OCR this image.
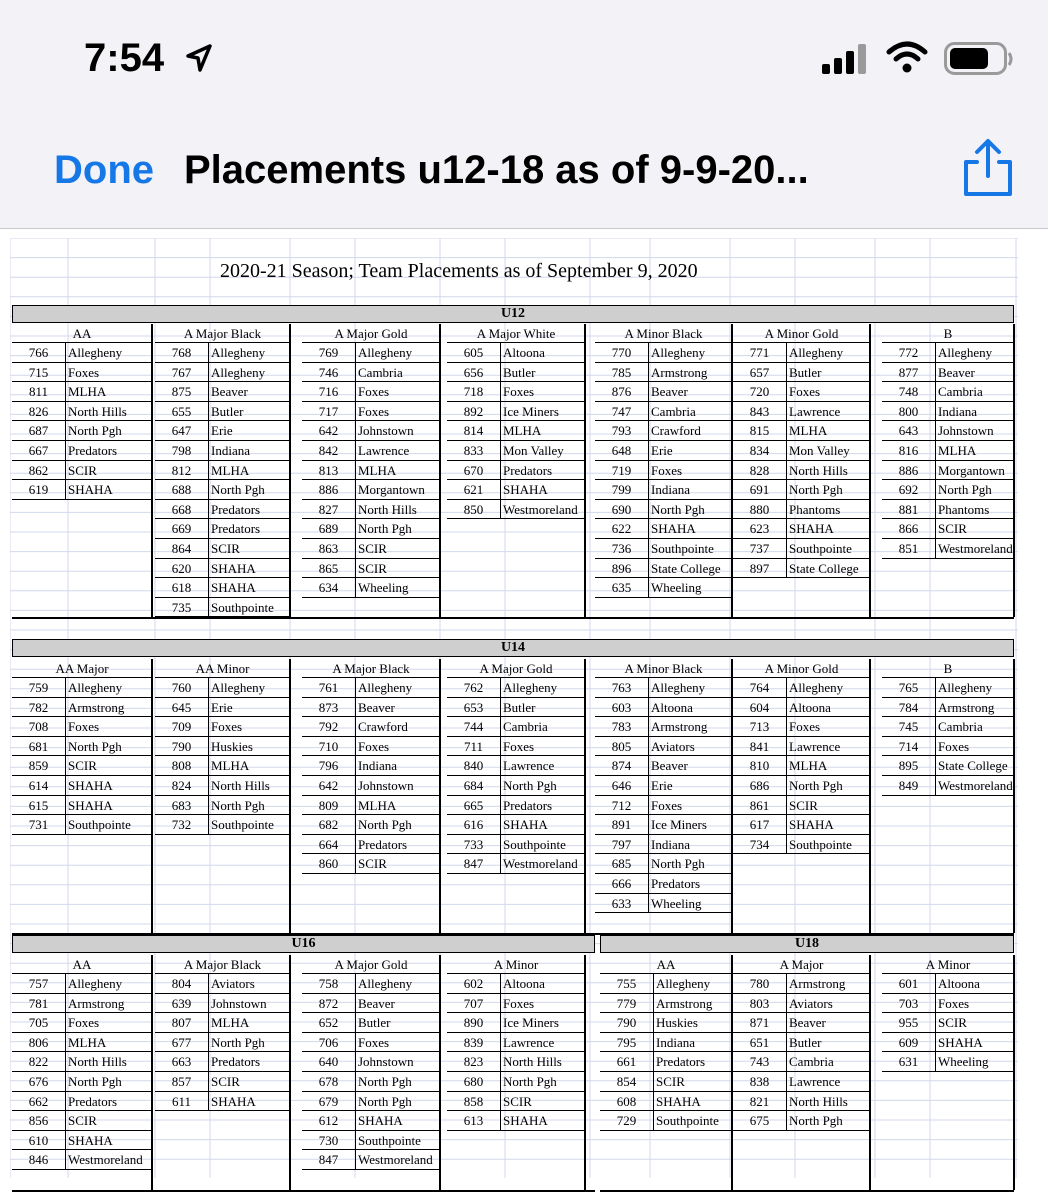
7:54
Done Placements u12-18 as of 9-9-20...
2020-21 Season; Team Placements as of September 9, 2020
U12
AA
766	Allegheny
715	Foxes
811	MLHA
826	North Hills
687	North Pgh
667	Predators
862	SCIR
619	SHAHA
A Major Black
768	Allegheny
767	Allegheny
875	Beaver
655	Butler
647	Erie
798	Indiana
812	MLHA
688	North Pgh
668	Predators
669	Predators
864	SCIR
620	SHAHA
618	SHAHA
735	Southpointe
A Major Gold
769	Allegheny
746	Cambria
716	Foxes
717	Foxes
642	Johnstown
842	Lawrence
813	MLHA
886	Morgantown
827	North Hills
689	North Pgh
863	SCIR
865	SCIR
634	Wheeling
A Major White
605	Altoona
656	Butler
718	Foxes
892	Ice Miners
814	MLHA
833	Mon Valley
670	Predators
621	SHAHA
850	Westmoreland
A Minor Black
770	Allegheny
785	Armstrong
876	Beaver
747	Cambria
793	Crawford
648	Erie
719	Foxes
799	Indiana
690	North Pgh
622	SHAHA
736	Southpointe
896	State College
635	Wheeling
A Minor Gold
771	Allegheny
657	Butler
720	Foxes
843	Lawrence
815	MLHA
834	Mon Valley
828	North Hills
691	North Pgh
880	Phantoms
623	SHAHA
737	Southpointe
897	State College
B
772	Allegheny
877	Beaver
748	Cambria
800	Indiana
643	Johnstown
816	MLHA
886	Morgantown
692	North Pgh
881	Phantoms
866	SCIR
851	Westmoreland
U14
AA Major
759	Allegheny
782	Armstrong
708	Foxes
681	North Pgh
859	SCIR
614	SHAHA
615	SHAHA
731	Southpointe
AA Minor
760	Allegheny
645	Erie
709	Foxes
790	Huskies
808	MLHA
824	North Hills
683	North Pgh
732	Southpointe
A Major Black
761	Allegheny
873	Beaver
792	Crawford
710	Foxes
796	Indiana
642	Johnstown
809	MLHA
682	North Pgh
664	Predators
860	SCIR
A Major Gold
762	Allegheny
653	Butler
744	Cambria
711	Foxes
840	Lawrence
684	North Pgh
665	Predators
616	SHAHA
733	Southpointe
847	Westmoreland
A Minor Black
763	Allegheny
603	Altoona
783	Armstrong
805	Aviators
874	Beaver
646	Erie
712	Foxes
891	Ice Miners
797	Indiana
685	North Pgh
666	Predators
633	Wheeling
A Minor Gold
764	Allegheny
604	Altoona
713	Foxes
841	Lawrence
810	MLHA
686	North Pgh
861	SCIR
617	SHAHA
734	Southpointe
B
765	Allegheny
784	Armstrong
745	Cambria
714	Foxes
895	State College
849	Westmoreland
U16
AA
757	Allegheny
781	Armstrong
705	Foxes
806	MLHA
822	North Hills
676	North Pgh
662	Predators
856	SCIR
610	SHAHA
846	Westmoreland
A Major Black
804	Aviators
639	Johnstown
807	MLHA
677	North Pgh
663	Predators
857	SCIR
611	SHAHA
A Major Gold
758	Allegheny
872	Beaver
652	Butler
706	Foxes
640	Johnstown
678	North Pgh
679	North Pgh
612	SHAHA
730	Southpointe
847	Westmoreland
A Minor
602	Altoona
707	Foxes
890	Ice Miners
839	Lawrence
823	North Hills
680	North Pgh
858	SCIR
613	SHAHA
U18
AA
755	Allegheny
779	Armstrong
790	Huskies
795	Indiana
661	Predators
854	SCIR
608	SHAHA
729	Southpointe
A Major
780	Armstrong
803	Aviators
871	Beaver
651	Butler
743	Cambria
838	Lawrence
821	North Hills
675	North Pgh
A Minor
601	Altoona
703	Foxes
955	SCIR
609	SHAHA
631	Wheeling
